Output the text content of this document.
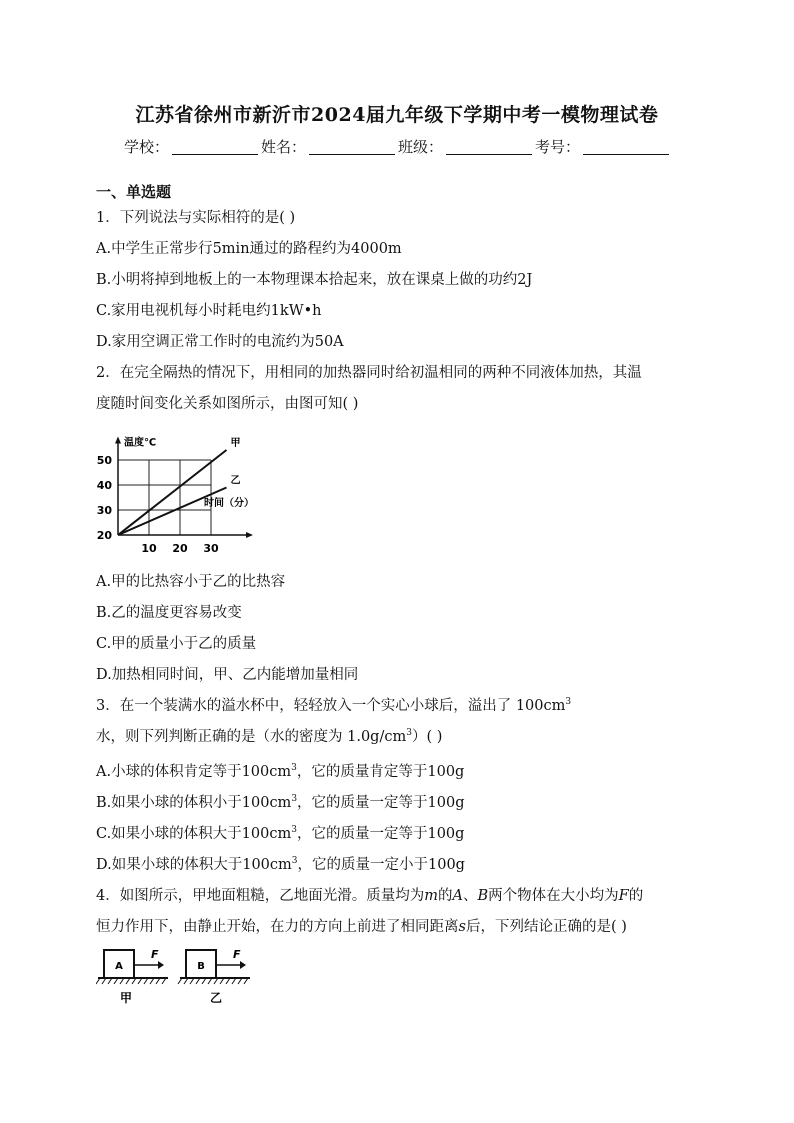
江苏省徐州市新沂市2024届九年级下学期中考一模物理试卷
学校：	姓名：	班级：	考号：
一、单选题
1．下列说法与实际相符的是( )
A.中学生正常步行5min通过的路程约为4000m
B.小明将掉到地板上的一本物理课本拾起来，放在课桌上做的功约2J
C.家用电视机每小时耗电约1kW•h
D.家用空调正常工作时的电流约为50A
2．在完全隔热的情况下，用相同的加热器同时给初温相同的两种不同液体加热，其温
度随时间变化关系如图所示，由图可知( )
甲
乙
10 20 30
20
30
40
50
温度℃
时间（分）
A.甲的比热容小于乙的比热容
B.乙的温度更容易改变
C.甲的质量小于乙的质量
D.加热相同时间，甲、乙内能增加量相同
3．在一个装满水的溢水杯中，轻轻放入一个实心小球后，溢出了 $100cm^3$
水，则下列判断正确的是（水的密度为 $1.0g/cm^3$）( )
A.小球的体积肯定等于$100cm^3$，它的质量肯定等于100g
B.如果小球的体积小于$100cm^3$，它的质量一定等于100g
C.如果小球的体积大于$100cm^3$，它的质量一定等于100g
D.如果小球的体积大于$100cm^3$，它的质量一定小于100g
4．如图所示，甲地面粗糙，乙地面光滑。质量均为m的A、B两个物体在大小均为F的
恒力作用下，由静止开始，在力的方向上前进了相同距离s后，下列结论正确的是( )
A
F
甲
B
F
乙
